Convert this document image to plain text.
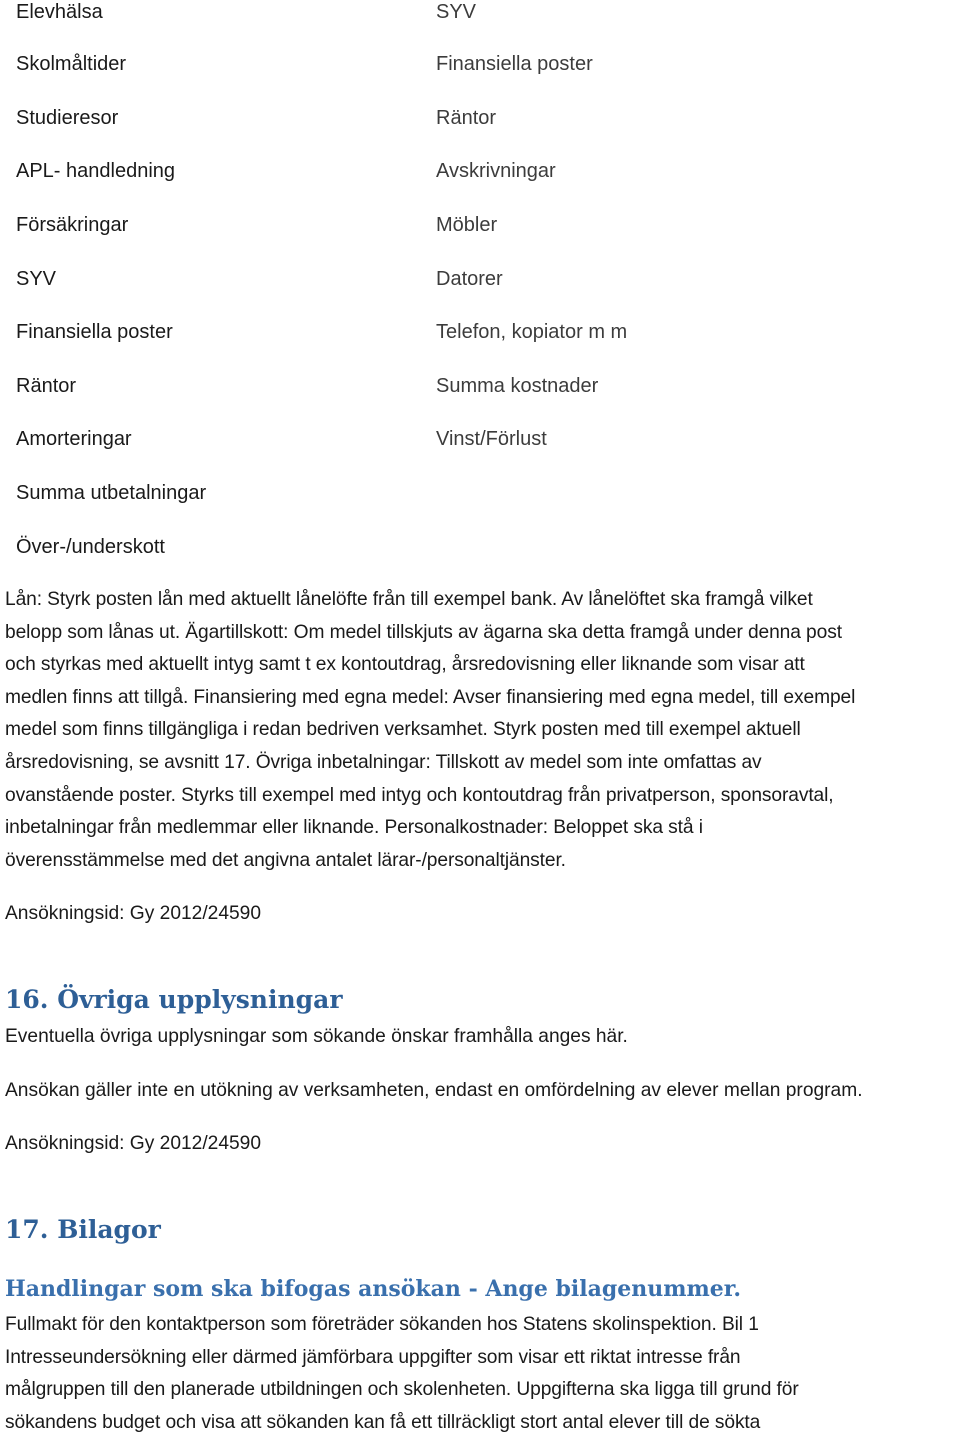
Elevhälsa
Skolmåltider
Studieresor
APL- handledning
Försäkringar
SYV
Finansiella poster
Räntor
Amorteringar
Summa utbetalningar
Över-/underskott
SYV
Finansiella poster
Räntor
Avskrivningar
Möbler
Datorer
Telefon, kopiator m m
Summa kostnader
Vinst/Förlust
Lån: Styrk posten lån med aktuellt lånelöfte från till exempel bank. Av lånelöftet ska framgå vilket
belopp som lånas ut. Ägartillskott: Om medel tillskjuts av ägarna ska detta framgå under denna post
och styrkas med aktuellt intyg samt t ex kontoutdrag, årsredovisning eller liknande som visar att
medlen finns att tillgå. Finansiering med egna medel: Avser finansiering med egna medel, till exempel
medel som finns tillgängliga i redan bedriven verksamhet. Styrk posten med till exempel aktuell
årsredovisning, se avsnitt 17. Övriga inbetalningar: Tillskott av medel som inte omfattas av
ovanstående poster. Styrks till exempel med intyg och kontoutdrag från privatperson, sponsoravtal,
inbetalningar från medlemmar eller liknande. Personalkostnader: Beloppet ska stå i
överensstämmelse med det angivna antalet lärar-/personaltjänster.
Ansökningsid: Gy 2012/24590
16. Övriga upplysningar
Eventuella övriga upplysningar som sökande önskar framhålla anges här.
Ansökan gäller inte en utökning av verksamheten, endast en omfördelning av elever mellan program.
Ansökningsid: Gy 2012/24590
17. Bilagor
Handlingar som ska bifogas ansökan - Ange bilagenummer.
Fullmakt för den kontaktperson som företräder sökanden hos Statens skolinspektion. Bil 1
Intresseundersökning eller därmed jämförbara uppgifter som visar ett riktat intresse från
målgruppen till den planerade utbildningen och skolenheten. Uppgifterna ska ligga till grund för
sökandens budget och visa att sökanden kan få ett tillräckligt stort antal elever till de sökta
